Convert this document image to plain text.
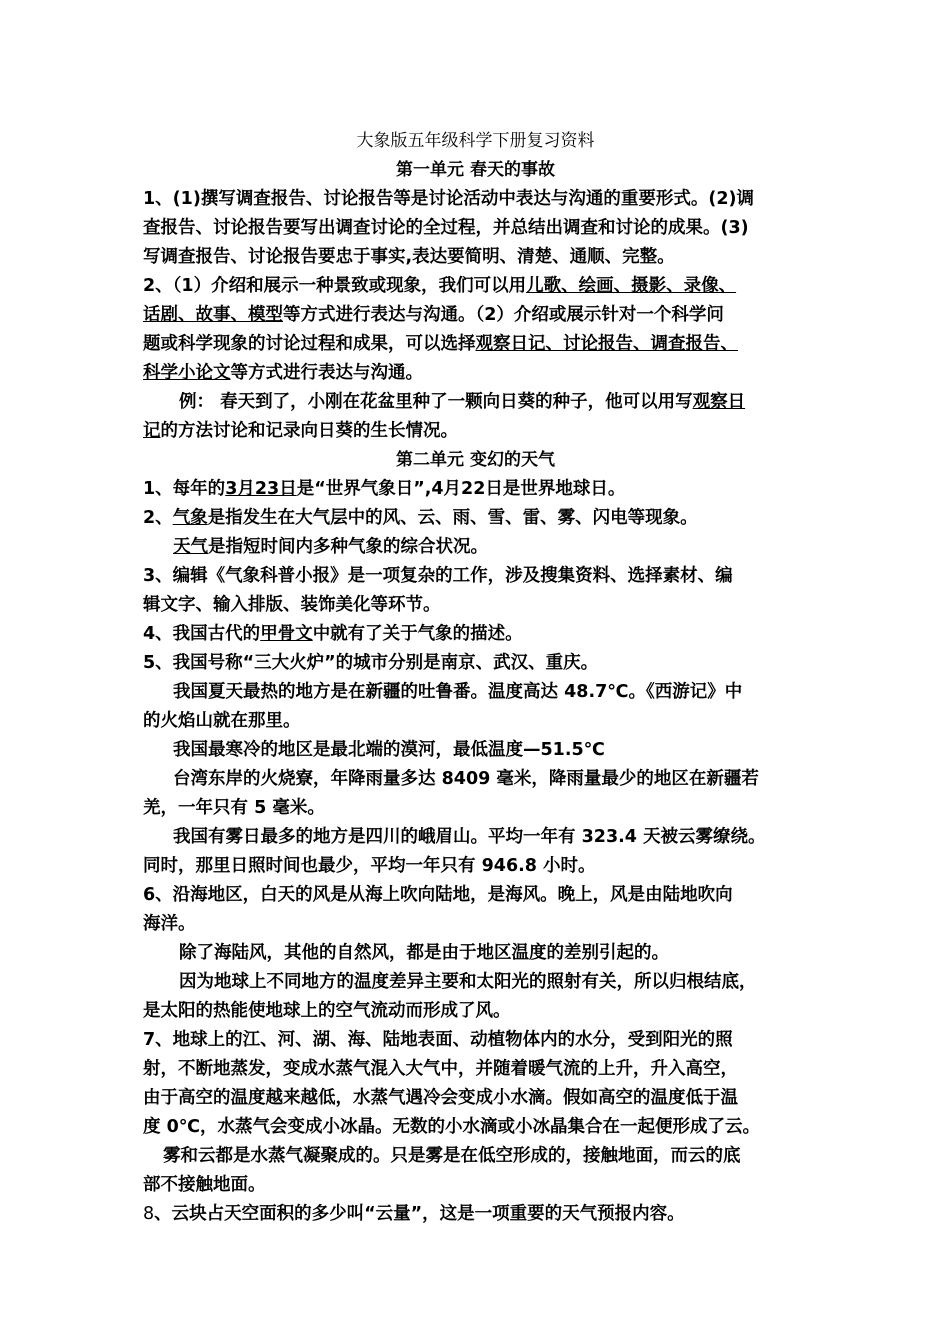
大象版五年级科学下册复习资料
第一单元 春天的事故
1、(1)撰写调查报告、讨论报告等是讨论活动中表达与沟通的重要形式。(2)调
查报告、讨论报告要写出调查讨论的全过程，并总结出调查和讨论的成果。(3)
写调查报告、讨论报告要忠于事实,表达要简明、清楚、通顺、完整。
2、（1）介绍和展示一种景致或现象，我们可以用儿歌、绘画、摄影、录像、
话剧、故事、模型等方式进行表达与沟通。（2）介绍或展示针对一个科学问
题或科学现象的讨论过程和成果，可以选择观察日记、讨论报告、调查报告、
科学小论文等方式进行表达与沟通。
例： 春天到了，小刚在花盆里种了一颗向日葵的种子，他可以用写观察日
记的方法讨论和记录向日葵的生长情况。
第二单元 变幻的天气
1、每年的3月23日是“世界气象日”,4月22日是世界地球日。
2、气象是指发生在大气层中的风、云、雨、雪、雷、雾、闪电等现象。
天气是指短时间内多种气象的综合状况。
3、编辑《气象科普小报》是一项复杂的工作，涉及搜集资料、选择素材、编
辑文字、输入排版、装饰美化等环节。
4、我国古代的甲骨文中就有了关于气象的描述。
5、我国号称“三大火炉”的城市分别是南京、武汉、重庆。
我国夏天最热的地方是在新疆的吐鲁番。温度高达 48.7℃。《西游记》中
的火焰山就在那里。
我国最寒冷的地区是最北端的漠河，最低温度—51.5℃
台湾东岸的火烧寮，年降雨量多达 8409 毫米，降雨量最少的地区在新疆若
羌，一年只有 5 毫米。
我国有雾日最多的地方是四川的峨眉山。平均一年有 323.4 天被云雾缭绕。
同时，那里日照时间也最少，平均一年只有 946.8 小时。
6、沿海地区，白天的风是从海上吹向陆地，是海风。晚上，风是由陆地吹向
海洋。
除了海陆风，其他的自然风，都是由于地区温度的差别引起的。
因为地球上不同地方的温度差异主要和太阳光的照射有关，所以归根结底，
是太阳的热能使地球上的空气流动而形成了风。
7、地球上的江、河、湖、海、陆地表面、动植物体内的水分，受到阳光的照
射，不断地蒸发，变成水蒸气混入大气中，并随着暖气流的上升，升入高空，
由于高空的温度越来越低，水蒸气遇冷会变成小水滴。假如高空的温度低于温
度 0℃，水蒸气会变成小冰晶。无数的小水滴或小冰晶集合在一起便形成了云。
雾和云都是水蒸气凝聚成的。只是雾是在低空形成的，接触地面，而云的底
部不接触地面。
8、云块占天空面积的多少叫“云量”，这是一项重要的天气预报内容。
